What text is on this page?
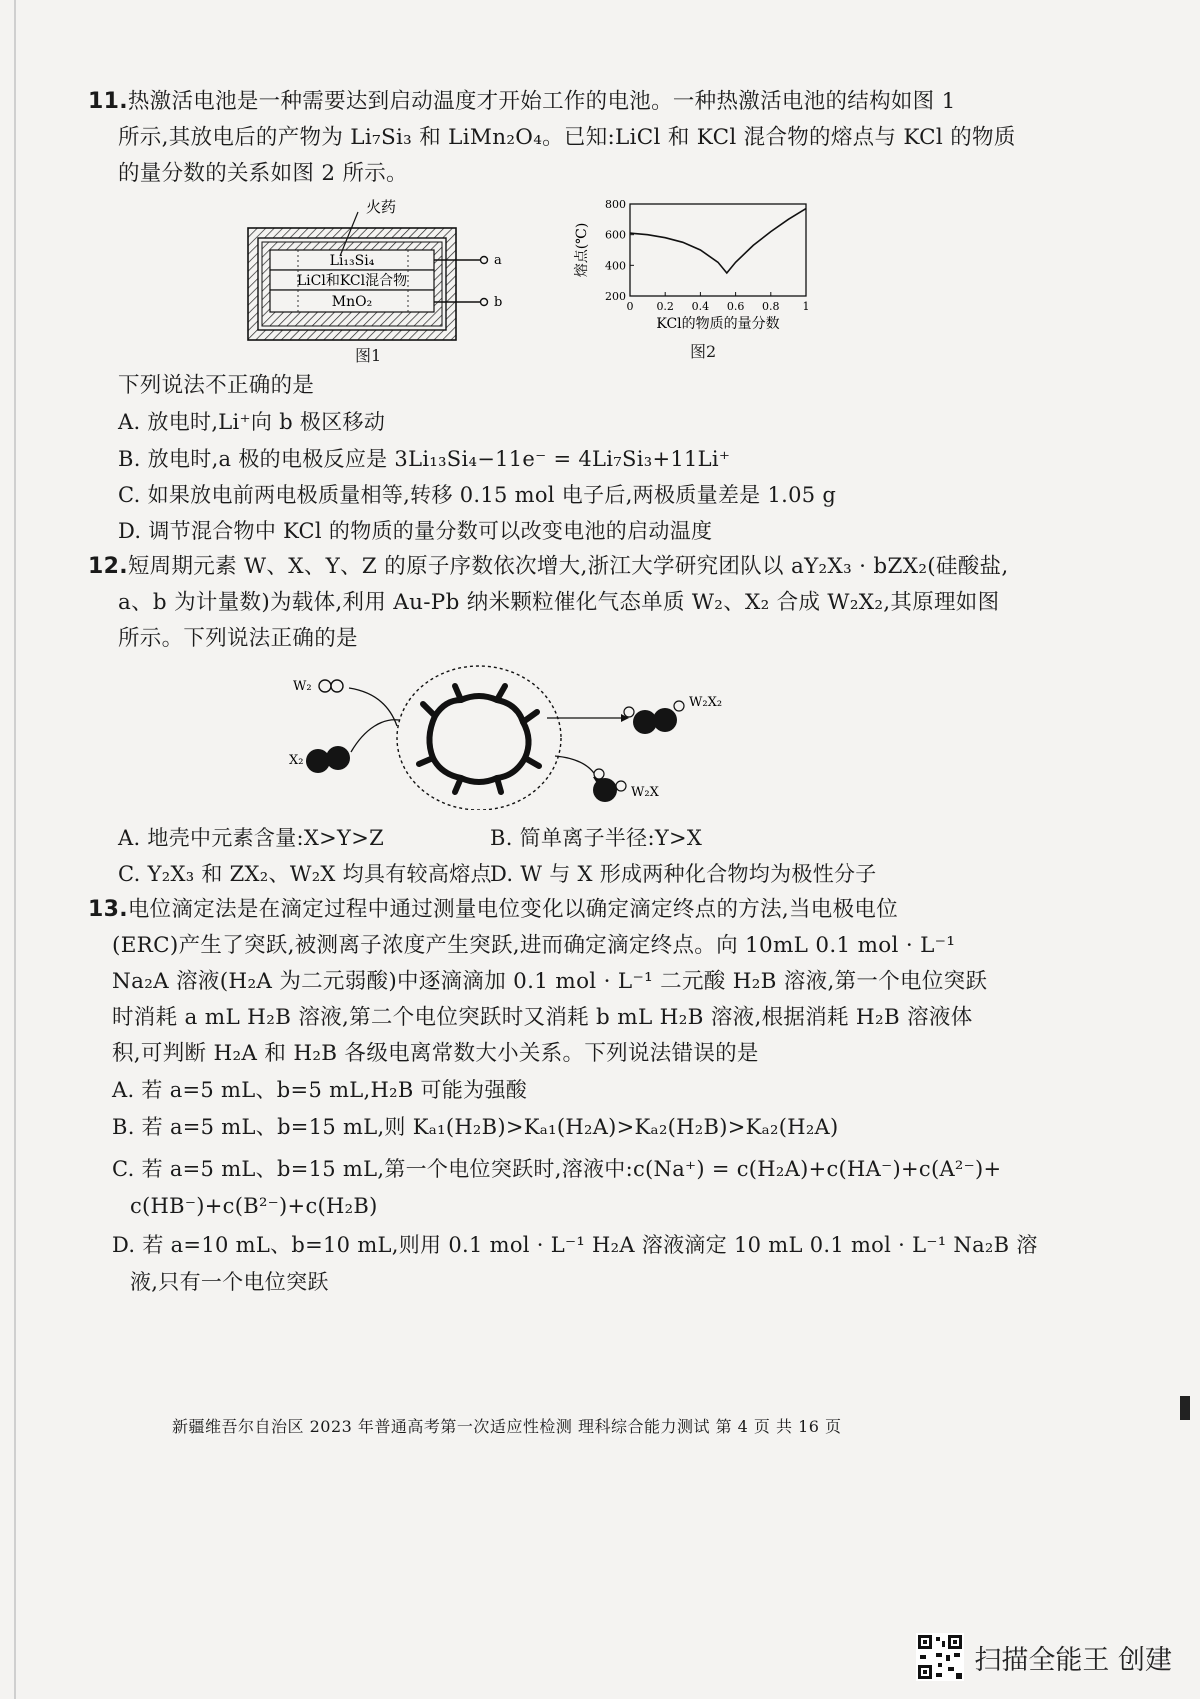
11.热激活电池是一种需要达到启动温度才开始工作的电池。一种热激活电池的结构如图 1
所示,其放电后的产物为 Li₇Si₃ 和 LiMn₂O₄。已知:LiCl 和 KCl 混合物的熔点与 KCl 的物质
的量分数的关系如图 2 所示。
Li₁₃Si₄
LiCl和KCl混合物
MnO₂
火药
a
b
图1
200
400
600
800
0 0.2 0.4 0.6 0.8 1
熔点(℃)
KCl的物质的量分数
图2
下列说法不正确的是
A. 放电时,Li⁺向 b 极区移动
B. 放电时,a 极的电极反应是 3Li₁₃Si₄−11e⁻ = 4Li₇Si₃+11Li⁺
C. 如果放电前两电极质量相等,转移 0.15 mol 电子后,两极质量差是 1.05 g
D. 调节混合物中 KCl 的物质的量分数可以改变电池的启动温度
12.短周期元素 W、X、Y、Z 的原子序数依次增大,浙江大学研究团队以 aY₂X₃ · bZX₂(硅酸盐,
a、b 为计量数)为载体,利用 Au-Pb 纳米颗粒催化气态单质 W₂、X₂ 合成 W₂X₂,其原理如图
所示。下列说法正确的是
W₂
X₂
W₂X₂
W₂X
A. 地壳中元素含量:X>Y>Z	B. 简单离子半径:Y>X
C. Y₂X₃ 和 ZX₂、W₂X 均具有较高熔点
D. W 与 X 形成两种化合物均为极性分子
13.电位滴定法是在滴定过程中通过测量电位变化以确定滴定终点的方法,当电极电位
(ERC)产生了突跃,被测离子浓度产生突跃,进而确定滴定终点。向 10mL 0.1 mol · L⁻¹
Na₂A 溶液(H₂A 为二元弱酸)中逐滴滴加 0.1 mol · L⁻¹ 二元酸 H₂B 溶液,第一个电位突跃
时消耗 a mL H₂B 溶液,第二个电位突跃时又消耗 b mL H₂B 溶液,根据消耗 H₂B 溶液体
积,可判断 H₂A 和 H₂B 各级电离常数大小关系。下列说法错误的是
A. 若 a=5 mL、b=5 mL,H₂B 可能为强酸
B. 若 a=5 mL、b=15 mL,则 Kₐ₁(H₂B)>Kₐ₁(H₂A)>Kₐ₂(H₂B)>Kₐ₂(H₂A)
C. 若 a=5 mL、b=15 mL,第一个电位突跃时,溶液中:c(Na⁺) = c(H₂A)+c(HA⁻)+c(A²⁻)+
c(HB⁻)+c(B²⁻)+c(H₂B)
D. 若 a=10 mL、b=10 mL,则用 0.1 mol · L⁻¹ H₂A 溶液滴定 10 mL 0.1 mol · L⁻¹ Na₂B 溶
液,只有一个电位突跃
新疆维吾尔自治区 2023 年普通高考第一次适应性检测 理科综合能力测试 第 4 页 共 16 页
扫描全能王 创建
